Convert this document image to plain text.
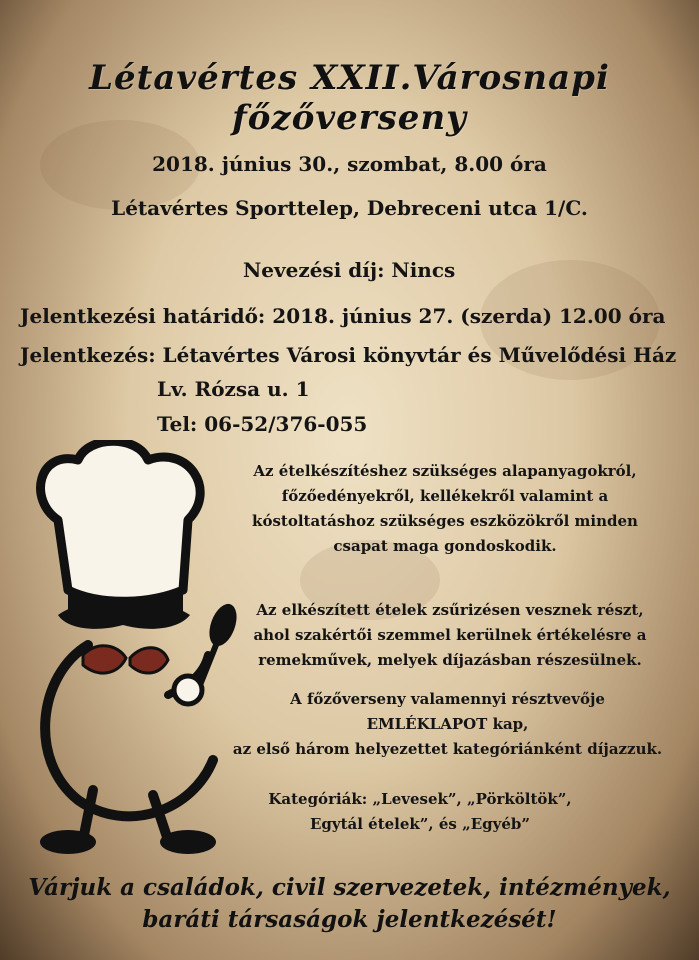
Létavértes XXII.Városnapi főzőverseny
2018. június 30., szombat, 8.00 óra
Létavértes Sporttelep, Debreceni utca 1/C.
Nevezési díj: Nincs
Jelentkezési határidő: 2018. június 27. (szerda) 12.00 óra
Jelentkezés: Létavértes Városi könyvtár és Művelődési Ház
Lv. Rózsa u. 1
Tel: 06-52/376-055
Az ételkészítéshez szükséges alapanyagokról,
főzőedényekről, kellékekről valamint a
kóstoltatáshoz szükséges eszközökről minden
csapat maga gondoskodik.
Az elkészített ételek zsűrizésen vesznek részt,
ahol szakértői szemmel kerülnek értékelésre a
remekművek, melyek díjazásban részesülnek.
A főzőverseny valamennyi résztvevője
EMLÉKLAPOT kap,
az első három helyezettet kategóriánként díjazzuk.
Kategóriák: „Levesek”, „Pörköltök”,
Egytál ételek”, és „Egyéb”
Várjuk a családok, civil szervezetek, intézmények,
baráti társaságok jelentkezését!
